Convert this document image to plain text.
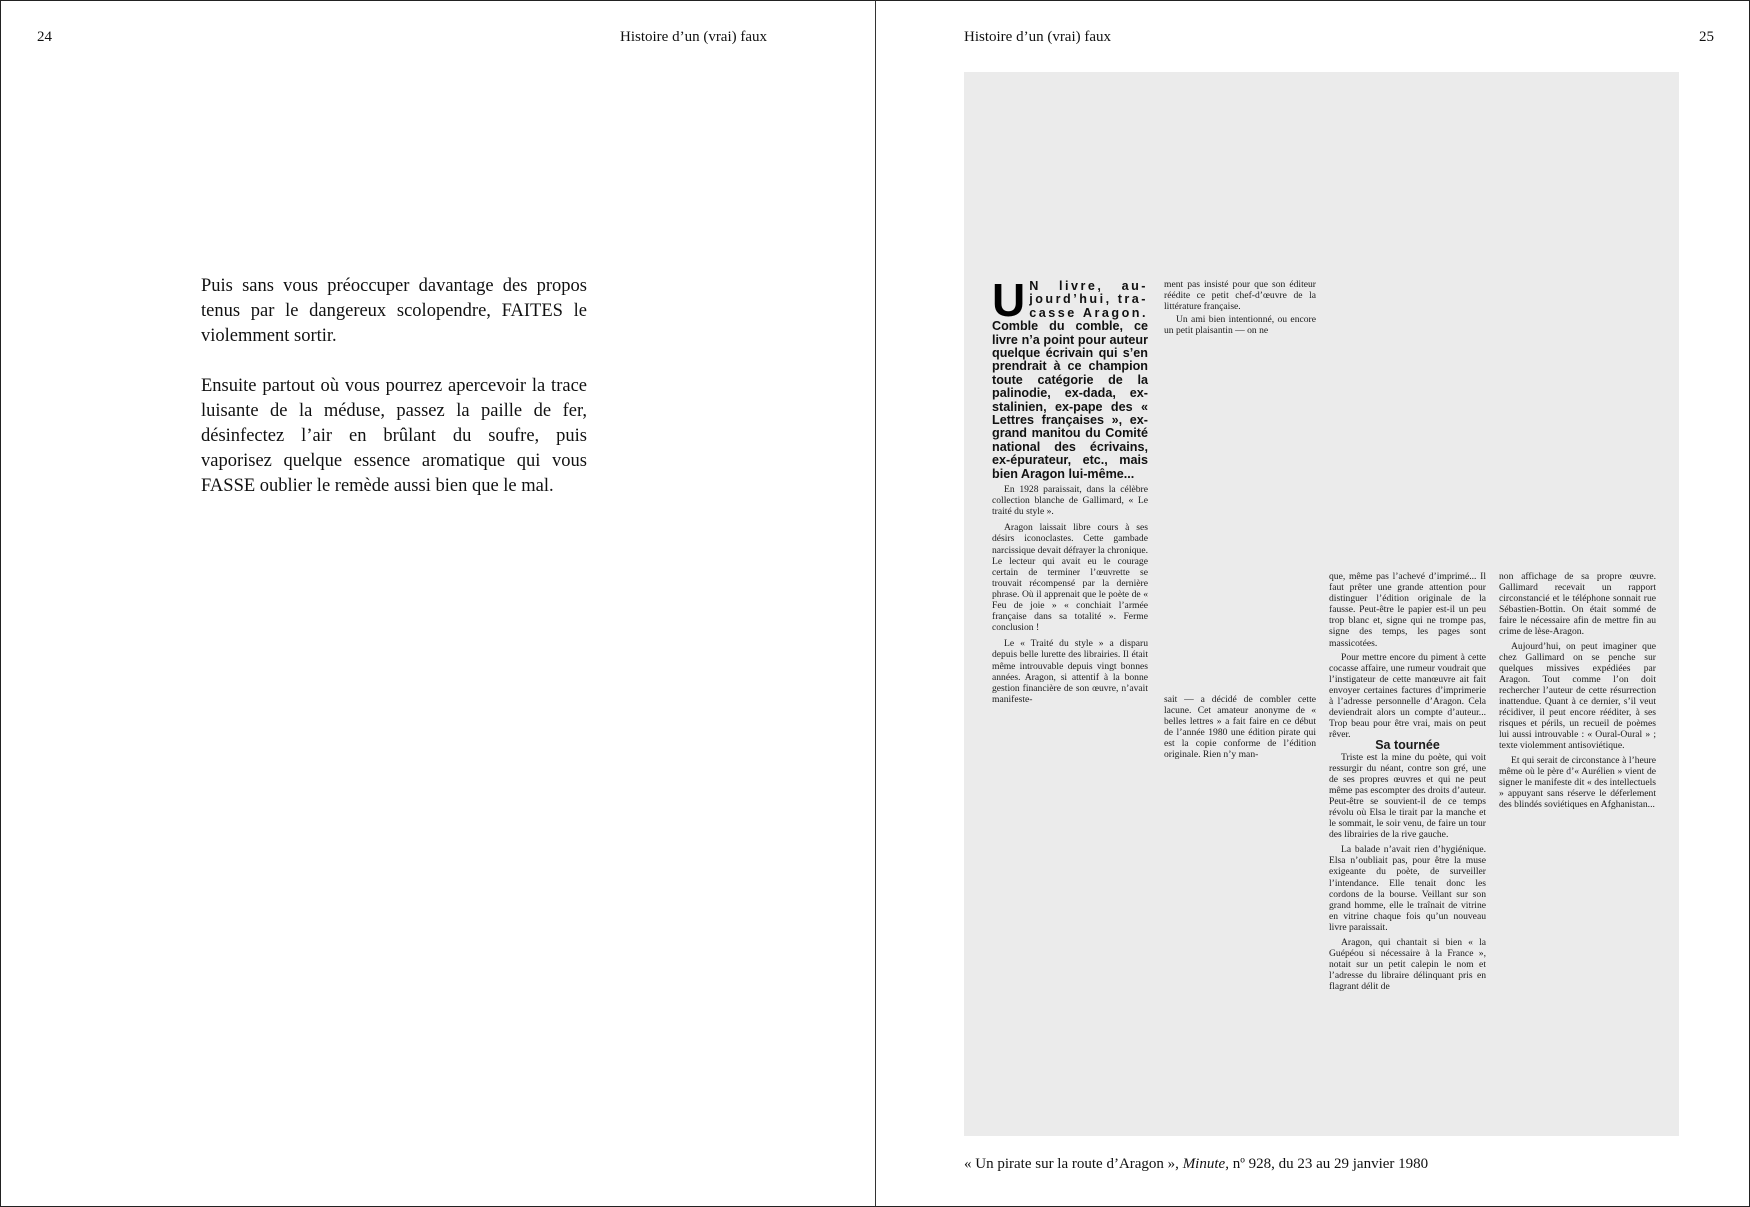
24	Histoire d’un (vrai) faux

Puis sans vous préoccuper davantage des propos tenus par le dangereux scolopendre, FAITES le violemment sortir.

Ensuite partout où vous pourrez apercevoir la trace luisante de la méduse, passez la paille de fer, désinfectez l’air en brûlant du soufre, puis vaporisez quelque essence aromatique qui vous FASSE oublier le remède aussi bien que le mal.

Histoire d’un (vrai) faux	25

U N livre, au-jourd’hui, tra-casse Aragon. Comble du comble, ce livre n’a point pour auteur quelque écrivain qui s’en prendrait à ce champion toute catégorie de la palinodie, ex-dada, ex-stalinien, ex-pape des « Lettres françaises », ex-grand manitou du Comité national des écrivains, ex-épurateur, etc., mais bien Aragon lui-même...

En 1928 paraissait, dans la célèbre collection blanche de Gallimard, « Le traité du style ».

Aragon laissait libre cours à ses désirs iconoclastes. Cette gambade narcissique devait défrayer la chronique. Le lecteur qui avait eu le courage certain de terminer l’œuvrette se trouvait récompensé par la dernière phrase. Où il apprenait que le poète de « Feu de joie » « conchiait l’armée française dans sa totalité ». Ferme conclusion !

Le « Traité du style » a disparu depuis belle lurette des librairies. Il était même introuvable depuis vingt bonnes années. Aragon, si attentif à la bonne gestion financière de son œuvre, n’avait manifeste-

ment pas insisté pour que son éditeur réédite ce petit chef-d’œuvre de la littérature française.

Un ami bien intentionné, ou encore un petit plaisantin — on ne

sait — a décidé de combler cette lacune. Cet amateur anonyme de « belles lettres » a fait faire en ce début de l’année 1980 une édition pirate qui est la copie conforme de l’édition originale. Rien n’y man-

que, même pas l’achevé d’imprimé... Il faut prêter une grande attention pour distinguer l’édition originale de la fausse. Peut-être le papier est-il un peu trop blanc et, signe qui ne trompe pas, signe des temps, les pages sont massicotées.

Pour mettre encore du piment à cette cocasse affaire, une rumeur voudrait que l’instigateur de cette manœuvre ait fait envoyer certaines factures d’imprimerie à l’adresse personnelle d’Aragon. Cela deviendrait alors un compte d’auteur... Trop beau pour être vrai, mais on peut rêver.

Sa tournée

Triste est la mine du poète, qui voit ressurgir du néant, contre son gré, une de ses propres œuvres et qui ne peut même pas escompter des droits d’auteur. Peut-être se souvient-il de ce temps révolu où Elsa le tirait par la manche et le sommait, le soir venu, de faire un tour des librairies de la rive gauche.

La balade n’avait rien d’hygiénique. Elsa n’oubliait pas, pour être la muse exigeante du poète, de surveiller l’intendance. Elle tenait donc les cordons de la bourse. Veillant sur son grand homme, elle le traînait de vitrine en vitrine chaque fois qu’un nouveau livre paraissait.

Aragon, qui chantait si bien « la Guépéou si nécessaire à la France », notait sur un petit calepin le nom et l’adresse du libraire délinquant pris en flagrant délit de

non affichage de sa propre œuvre. Gallimard recevait un rapport circonstancié et le téléphone sonnait rue Sébastien-Bottin. On était sommé de faire le nécessaire afin de mettre fin au crime de lèse-Aragon.

Aujourd’hui, on peut imaginer que chez Gallimard on se penche sur quelques missives expédiées par Aragon. Tout comme l’on doit rechercher l’auteur de cette résurrection inattendue. Quant à ce dernier, s’il veut récidiver, il peut encore rééditer, à ses risques et périls, un recueil de poèmes lui aussi introuvable : « Oural-Oural » ; texte violemment antisoviétique.

Et qui serait de circonstance à l’heure même où le père d’« Aurélien » vient de signer le manifeste dit « des intellectuels » appuyant sans réserve le déferlement des blindés soviétiques en Afghanistan...

« Un pirate sur la route d’Aragon », Minute, nº 928, du 23 au 29 janvier 1980
